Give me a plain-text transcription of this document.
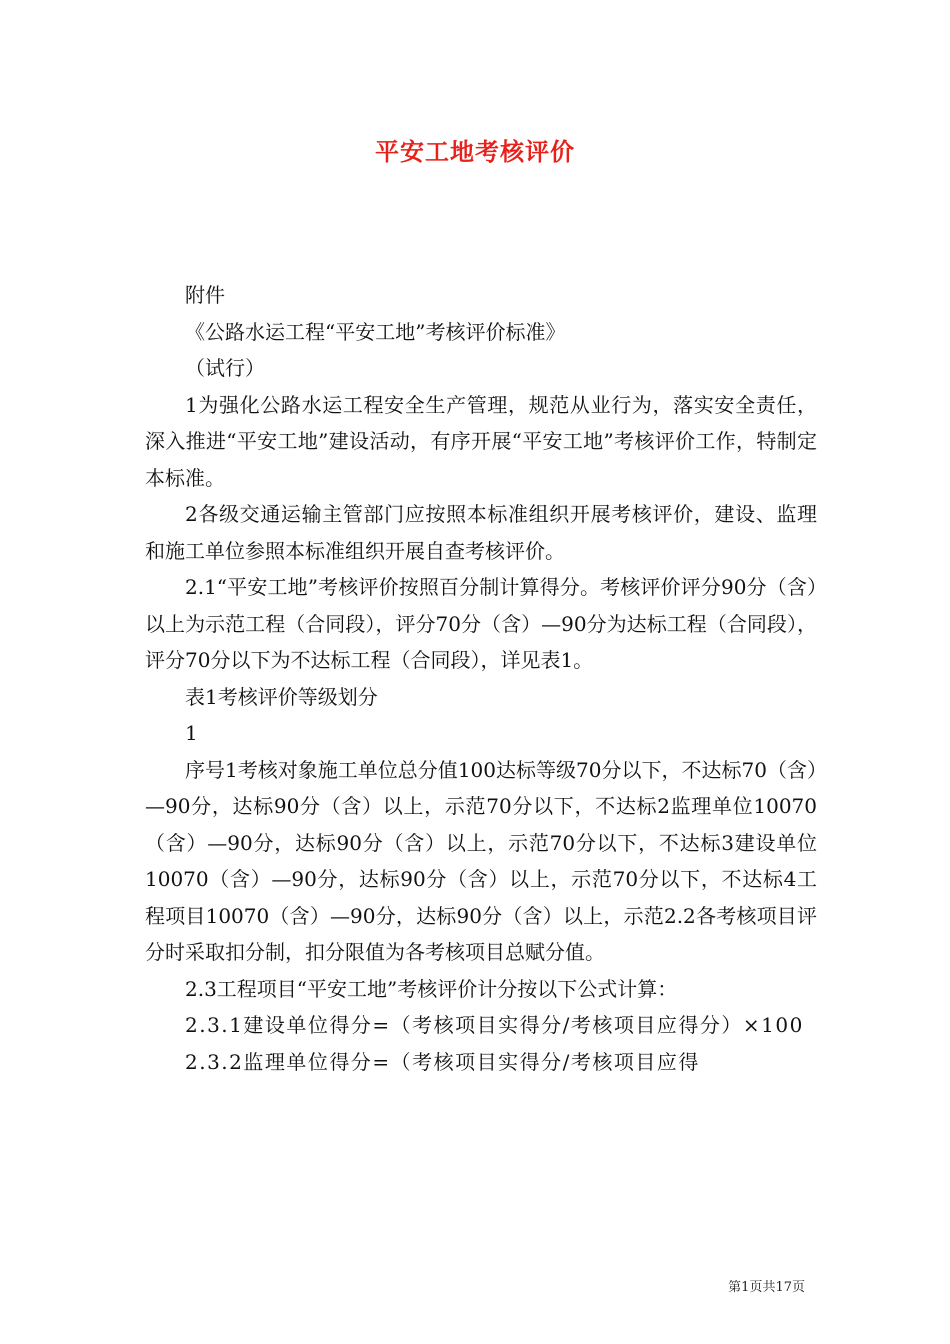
平安工地考核评价

附件

《公路水运工程“平安工地”考核评价标准》

（试行）

1为强化公路水运工程安全生产管理，规范从业行为，落实安全责任，深入推进“平安工地”建设活动，有序开展“平安工地”考核评价工作，特制定本标准。

2各级交通运输主管部门应按照本标准组织开展考核评价，建设、监理和施工单位参照本标准组织开展自查考核评价。

2.1“平安工地”考核评价按照百分制计算得分。考核评价评分90分（含）以上为示范工程（合同段），评分70分（含）—90分为达标工程（合同段），评分70分以下为不达标工程（合同段），详见表1。

表1考核评价等级划分

1

序号1考核对象施工单位总分值100达标等级70分以下，不达标70（含）—90分，达标90分（含）以上，示范70分以下，不达标2监理单位10070（含）—90分，达标90分（含）以上，示范70分以下，不达标3建设单位10070（含）—90分，达标90分（含）以上，示范70分以下，不达标4工程项目10070（含）—90分，达标90分（含）以上，示范2.2各考核项目评分时采取扣分制，扣分限值为各考核项目总赋分值。

2.3工程项目“平安工地”考核评价计分按以下公式计算：

2.3.1建设单位得分=（考核项目实得分/考核项目应得分）×100

2.3.2监理单位得分=（考核项目实得分/考核项目应得

第1页共17页
